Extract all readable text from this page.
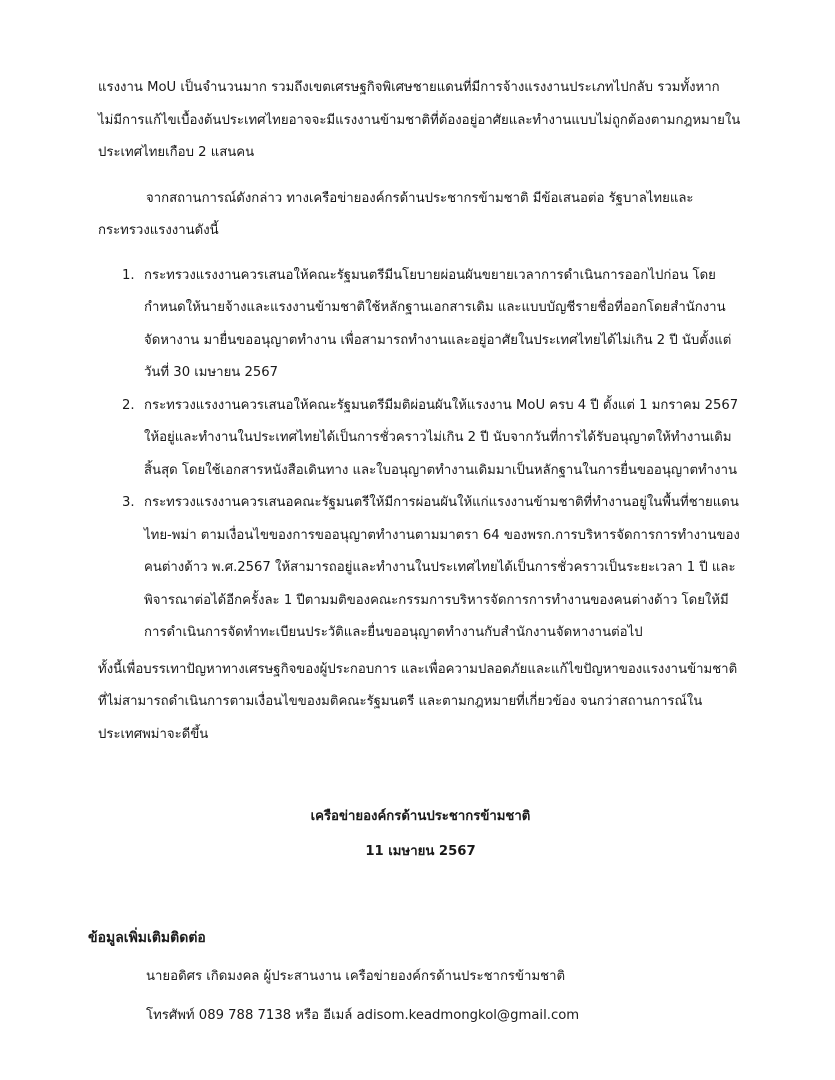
แรงงาน MoU เป็นจำนวนมาก รวมถึงเขตเศรษฐกิจพิเศษชายแดนที่มีการจ้างแรงงานประเภทไปกลับ รวมทั้งหากไม่มีการแก้ไขเบื้องต้นประเทศไทยอาจจะมีแรงงานข้ามชาติที่ต้องอยู่อาศัยและทำงานแบบไม่ถูกต้องตามกฎหมายในประเทศไทยเกือบ 2 แสนคน

จากสถานการณ์ดังกล่าว ทางเครือข่ายองค์กรด้านประชากรข้ามชาติ มีข้อเสนอต่อ รัฐบาลไทยและกระทรวงแรงงานดังนี้

1. กระทรวงแรงงานควรเสนอให้คณะรัฐมนตรีมีนโยบายผ่อนผันขยายเวลาการดำเนินการออกไปก่อน โดยกำหนดให้นายจ้างและแรงงานข้ามชาติใช้หลักฐานเอกสารเดิม และแบบบัญชีรายชื่อที่ออกโดยสำนักงานจัดหางาน มายื่นขออนุญาตทำงาน เพื่อสามารถทำงานและอยู่อาศัยในประเทศไทยได้ไม่เกิน 2 ปี นับตั้งแต่วันที่ 30 เมษายน 2567
2. กระทรวงแรงงานควรเสนอให้คณะรัฐมนตรีมีมติผ่อนผันให้แรงงาน MoU ครบ 4 ปี ตั้งแต่ 1 มกราคม 2567 ให้อยู่และทำงานในประเทศไทยได้เป็นการชั่วคราวไม่เกิน 2 ปี นับจากวันที่การได้รับอนุญาตให้ทำงานเดิมสิ้นสุด โดยใช้เอกสารหนังสือเดินทาง และใบอนุญาตทำงานเดิมมาเป็นหลักฐานในการยื่นขออนุญาตทำงาน
3. กระทรวงแรงงานควรเสนอคณะรัฐมนตรีให้มีการผ่อนผันให้แก่แรงงานข้ามชาติที่ทำงานอยู่ในพื้นที่ชายแดน ไทย-พม่า ตามเงื่อนไขของการขออนุญาตทำงานตามมาตรา 64 ของพรก.การบริหารจัดการการทำงานของคนต่างด้าว พ.ศ.2567 ให้สามารถอยู่และทำงานในประเทศไทยได้เป็นการชั่วคราวเป็นระยะเวลา 1 ปี และพิจารณาต่อได้อีกครั้งละ 1 ปีตามมติของคณะกรรมการบริหารจัดการการทำงานของคนต่างด้าว โดยให้มีการดำเนินการจัดทำทะเบียนประวัติและยื่นขออนุญาตทำงานกับสำนักงานจัดหางานต่อไป

ทั้งนี้เพื่อบรรเทาปัญหาทางเศรษฐกิจของผู้ประกอบการ และเพื่อความปลอดภัยและแก้ไขปัญหาของแรงงานข้ามชาติ ที่ไม่สามารถดำเนินการตามเงื่อนไขของมติคณะรัฐมนตรี และตามกฎหมายที่เกี่ยวข้อง จนกว่าสถานการณ์ในประเทศพม่าจะดีขึ้น

เครือข่ายองค์กรด้านประชากรข้ามชาติ
11 เมษายน 2567
ข้อมูลเพิ่มเติมติดต่อ
นายอดิศร เกิดมงคล ผู้ประสานงาน เครือข่ายองค์กรด้านประชากรข้ามชาติ
โทรศัพท์ 089 788 7138 หรือ อีเมล์ adisom.keadmongkol@gmail.com
